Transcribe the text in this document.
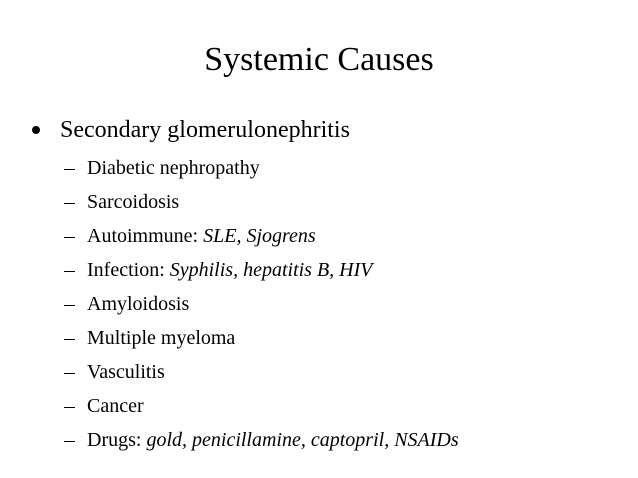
Systemic Causes
Secondary glomerulonephritis
Diabetic nephropathy
Sarcoidosis
Autoimmune: SLE, Sjogrens
Infection: Syphilis, hepatitis B, HIV
Amyloidosis
Multiple myeloma
Vasculitis
Cancer
Drugs: gold, penicillamine, captopril, NSAIDs
